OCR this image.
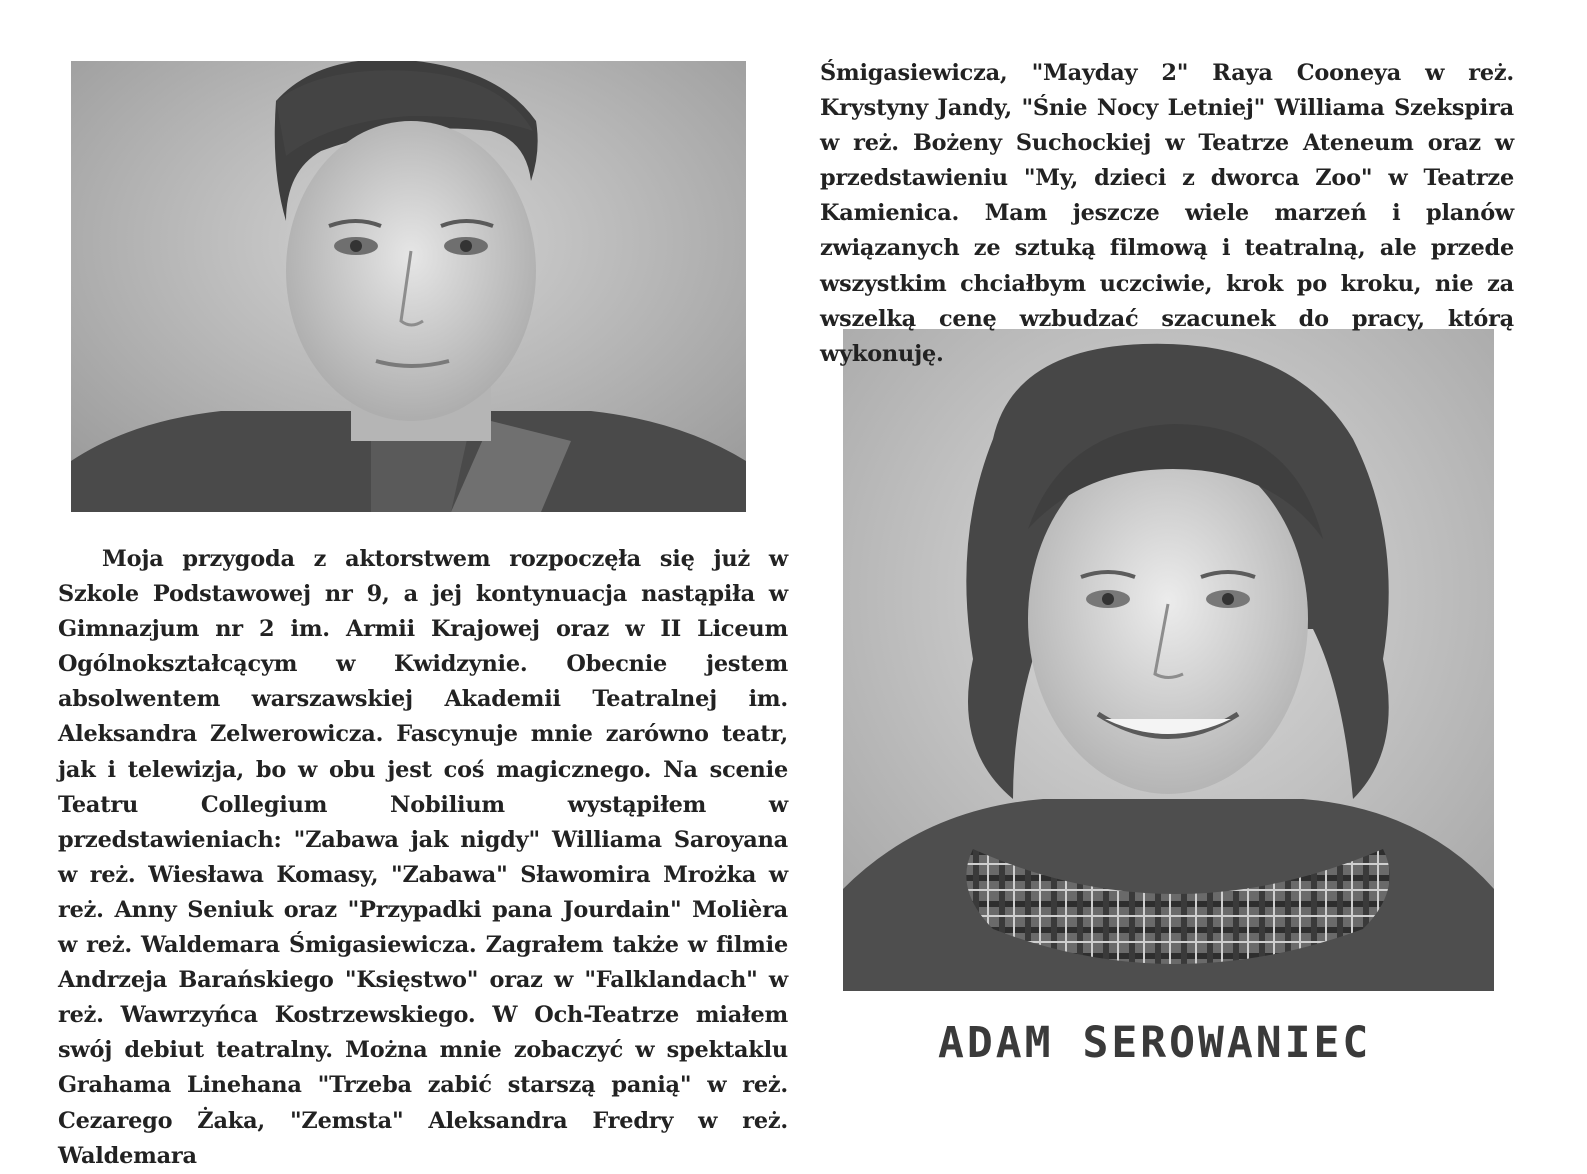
Moja przygoda z aktorstwem rozpoczęła się już w Szkole Podstawowej nr 9, a jej kontynuacja nastąpiła w Gimnazjum nr 2 im. Armii Krajowej oraz w II Liceum Ogólnokształcącym w Kwidzynie. Obecnie jestem absolwentem warszawskiej Akademii Teatralnej im. Aleksandra Zelwerowicza. Fascynuje mnie zarówno teatr, jak i telewizja, bo w obu jest coś magicznego. Na scenie Teatru Collegium Nobilium wystąpiłem w przedstawieniach: "Zabawa jak nigdy" Williama Saroyana w reż. Wiesława Komasy, "Zabawa" Sławomira Mrożka w reż. Anny Seniuk oraz "Przypadki pana Jourdain" Molièra w reż. Waldemara Śmigasiewicza. Zagrałem także w filmie Andrzeja Barańskiego "Księstwo" oraz w "Falklandach" w reż. Wawrzyńca Kostrzewskiego. W Och-Teatrze miałem swój debiut teatralny. Można mnie zobaczyć w spektaklu Grahama Linehana "Trzeba zabić starszą panią" w reż. Cezarego Żaka, "Zemsta" Aleksandra Fredry w reż. Waldemara

Śmigasiewicza, "Mayday 2" Raya Cooneya w reż. Krystyny Jandy, "Śnie Nocy Letniej" Williama Szekspira w reż. Bożeny Suchockiej w Teatrze Ateneum oraz w przedstawieniu "My, dzieci z dworca Zoo" w Teatrze Kamienica. Mam jeszcze wiele marzeń i planów związanych ze sztuką filmową i teatralną, ale przede wszystkim chciałbym uczciwie, krok po kroku, nie za wszelką cenę wzbudzać szacunek do pracy, którą wykonuję.

ADAM SEROWANIEC
